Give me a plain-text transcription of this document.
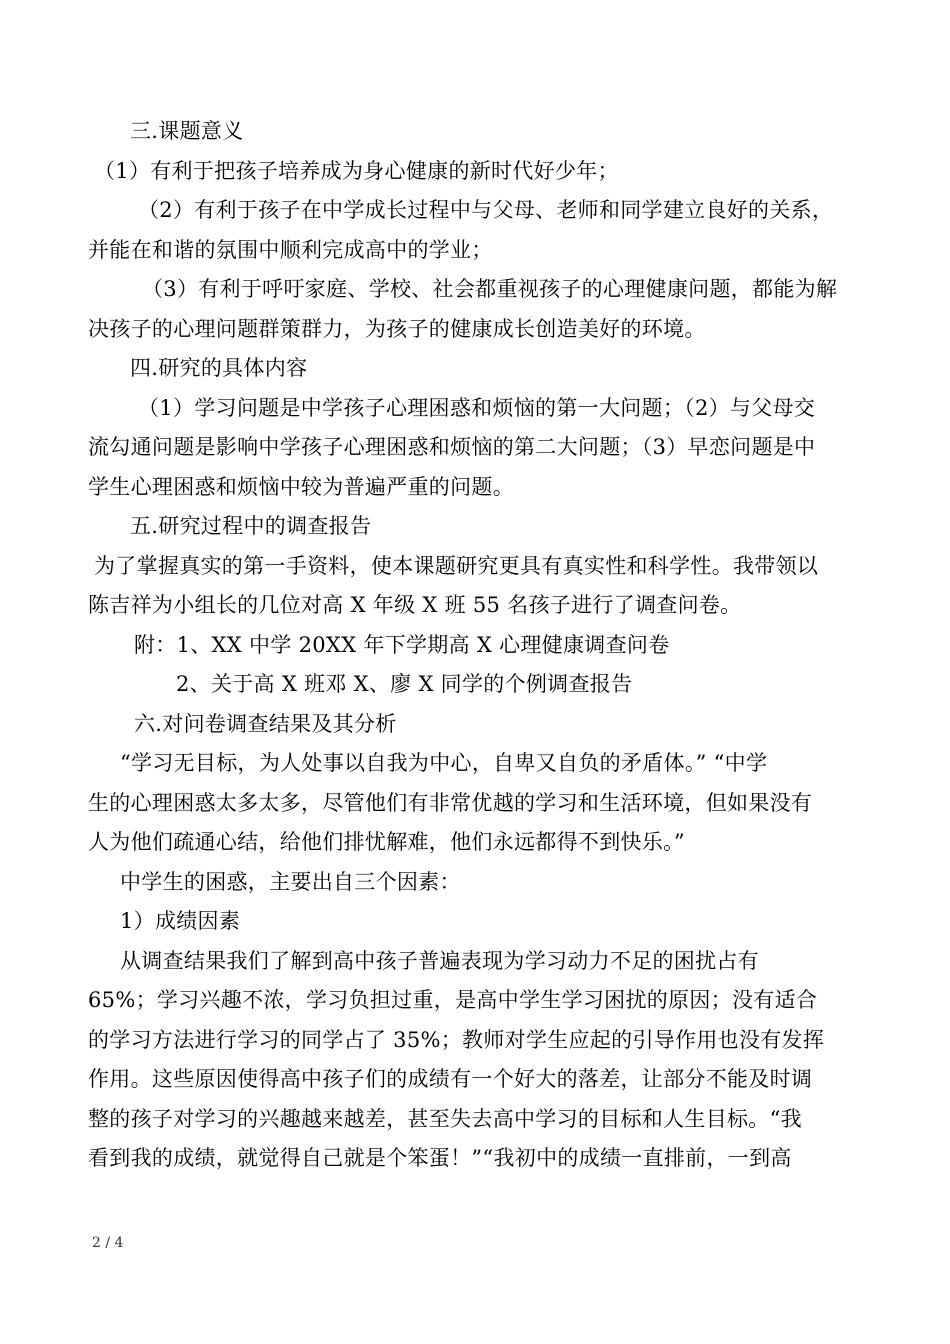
三.课题意义
（1）有利于把孩子培养成为身心健康的新时代好少年；
（2）有利于孩子在中学成长过程中与父母、老师和同学建立良好的关系，
并能在和谐的氛围中顺利完成高中的学业；
（3）有利于呼吁家庭、学校、社会都重视孩子的心理健康问题，都能为解
决孩子的心理问题群策群力，为孩子的健康成长创造美好的环境。
四.研究的具体内容
（1）学习问题是中学孩子心理困惑和烦恼的第一大问题；（2）与父母交
流勾通问题是影响中学孩子心理困惑和烦恼的第二大问题；（3）早恋问题是中
学生心理困惑和烦恼中较为普遍严重的问题。
五.研究过程中的调查报告
为了掌握真实的第一手资料，使本课题研究更具有真实性和科学性。我带领以
陈吉祥为小组长的几位对高 X 年级 X 班 55 名孩子进行了调查问卷。
附：1、XX 中学 20XX 年下学期高 X 心理健康调查问卷
2、关于高 X 班邓 X、廖 X 同学的个例调查报告
六.对问卷调查结果及其分析
“学习无目标，为人处事以自我为中心，自卑又自负的矛盾体。” “中学
生的心理困惑太多太多，尽管他们有非常优越的学习和生活环境，但如果没有
人为他们疏通心结，给他们排忧解难，他们永远都得不到快乐。”
中学生的困惑，主要出自三个因素：
1）成绩因素
从调查结果我们了解到高中孩子普遍表现为学习动力不足的困扰占有
65%；学习兴趣不浓，学习负担过重，是高中学生学习困扰的原因；没有适合
的学习方法进行学习的同学占了 35%；教师对学生应起的引导作用也没有发挥
作用。这些原因使得高中孩子们的成绩有一个好大的落差，让部分不能及时调
整的孩子对学习的兴趣越来越差，甚至失去高中学习的目标和人生目标。“我
看到我的成绩，就觉得自己就是个笨蛋！”“我初中的成绩一直排前，一到高
2 / 4
